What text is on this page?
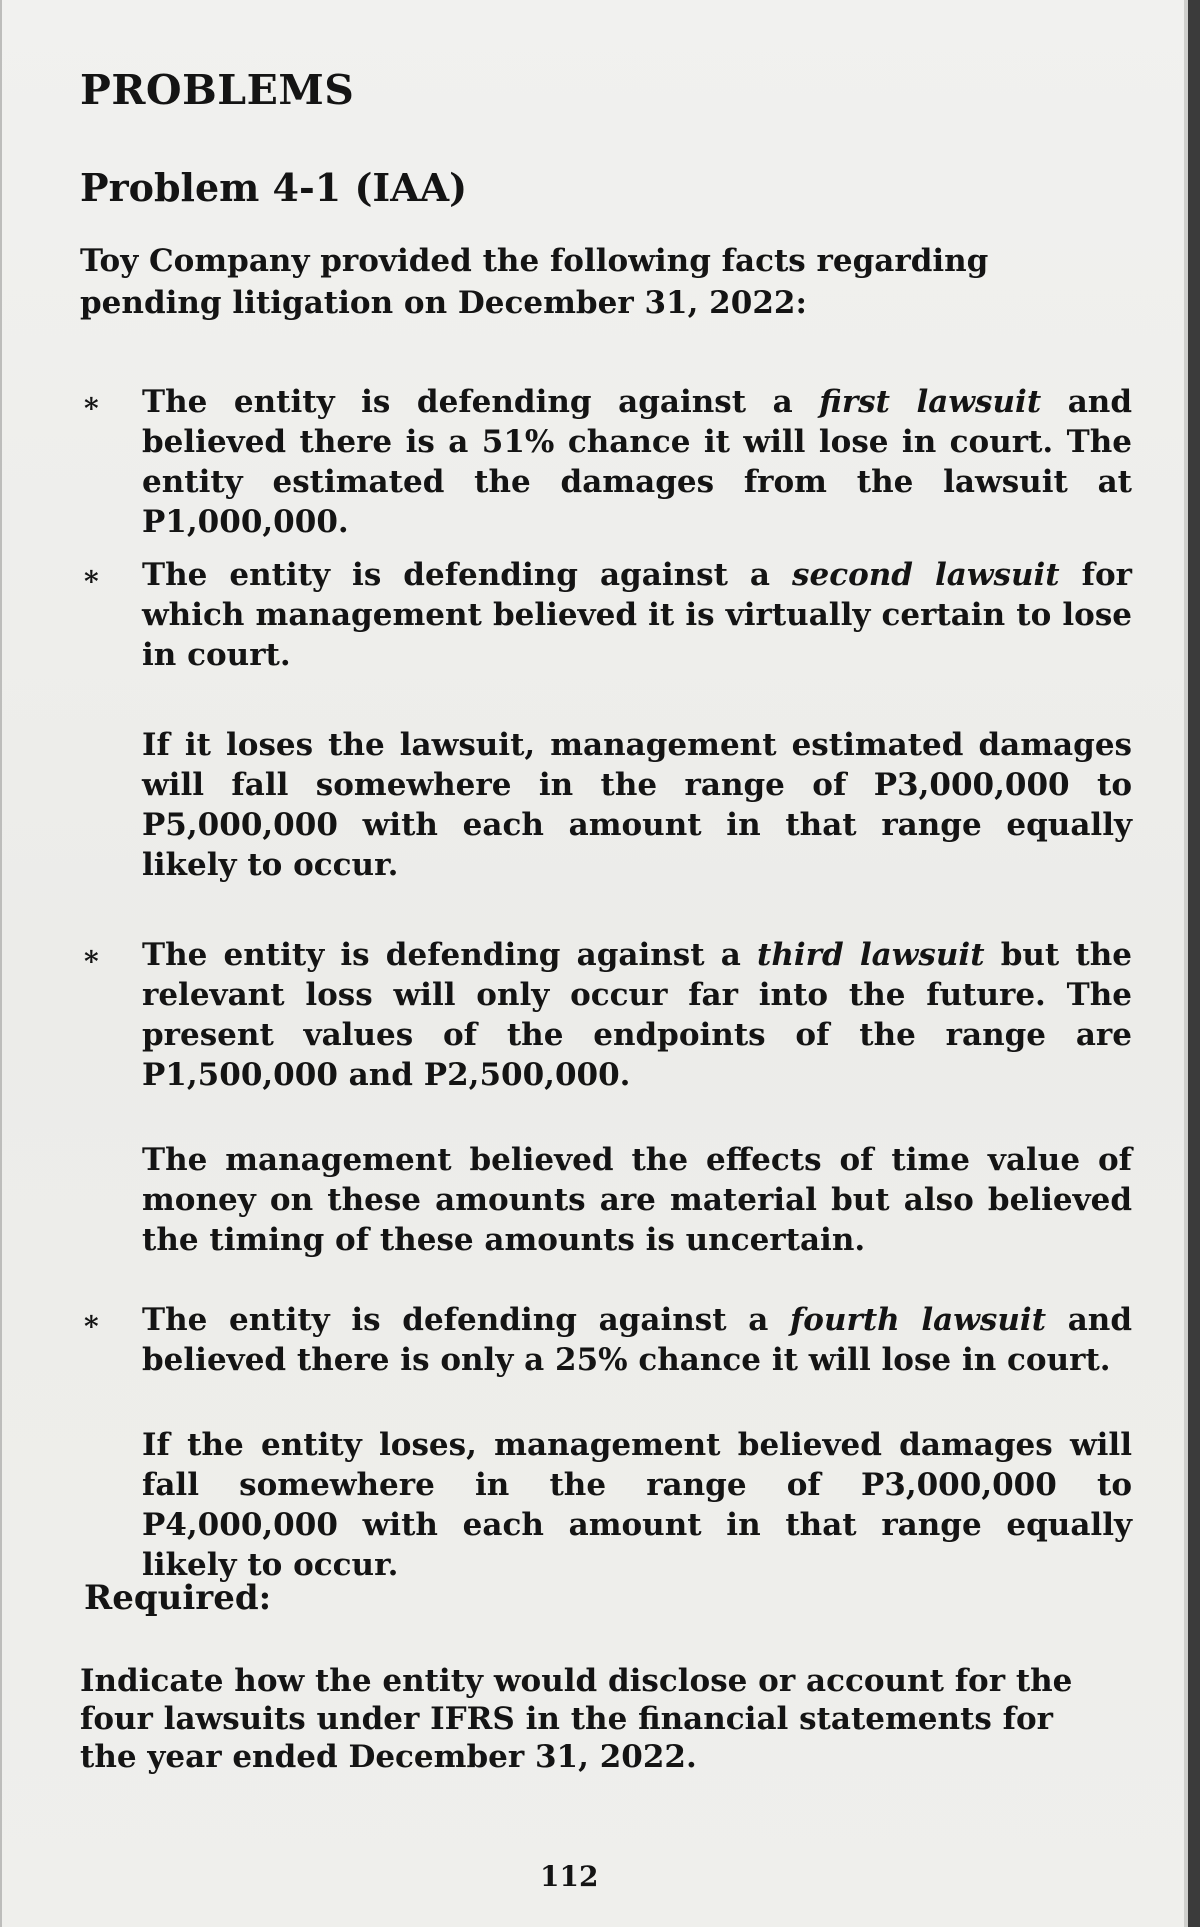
PROBLEMS
Problem 4-1 (IAA)

Toy Company provided the following facts regarding pending litigation on December 31, 2022:

* The entity is defending against a first lawsuit and believed there is a 51% chance it will lose in court. The entity estimated the damages from the lawsuit at P1,000,000.

* The entity is defending against a second lawsuit for which management believed it is virtually certain to lose in court.

If it loses the lawsuit, management estimated damages will fall somewhere in the range of P3,000,000 to P5,000,000 with each amount in that range equally likely to occur.

* The entity is defending against a third lawsuit but the relevant loss will only occur far into the future. The present values of the endpoints of the range are P1,500,000 and P2,500,000.

The management believed the effects of time value of money on these amounts are material but also believed the timing of these amounts is uncertain.

* The entity is defending against a fourth lawsuit and believed there is only a 25% chance it will lose in court.

If the entity loses, management believed damages will fall somewhere in the range of P3,000,000 to P4,000,000 with each amount in that range equally likely to occur.

Required:

Indicate how the entity would disclose or account for the four lawsuits under IFRS in the financial statements for the year ended December 31, 2022.

112
